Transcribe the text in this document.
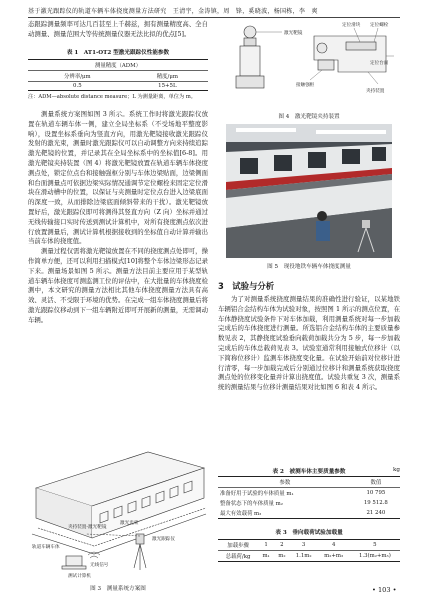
基于激光跟踪仪的轨道车辆车体挠度测量方法研究　王清宇，金涛镇，周　锋，奚晓波，杨国栋，李　爽

态跟踪测量频率可达几百甚至上千赫兹，拥有测量精度高、全自动测量、测量范围大等传统测量仪器无法比拟的优点[5]。

表 1　AT1-OT2 型激光跟踪仪性能参数
测量精度（ADM）	
分辨率/μm	精度/μm
0.5	15+5L
注：ADM—absolute distance measure；L 为测量距离，单位为 m。

测量系统方案图如图 3 所示。系统工作时将激光跟踪仪放置在轨道车辆车体一侧，建立全局坐标系（不受场地平整度影响），设置坐标系垂向为竖直方向，用激光靶镜接收激光跟踪仪发射的激光束，测量时激光跟踪仪可以自动调整方向来持续追踪激光靶镜的位置，并记录其在全局坐标系中的坐标值[6-8]。用激光靶镜夹持装置（图 4）将激光靶镜放置在轨道车辆车体挠度测点处，锁定位点台和接触强枢分别与车体边梁贴面，边梁侧面和台面测量点可依据边梁实际情况通调节定位螺栓来固定定位滑块在滑动槽中的位置，以保证与夹测量时定位点台进入边梁底面的深度一致，从而排除边梁底面倾斜带来的干扰）。激光靶镜放置好后，激光跟踪仪即可将测得其竖直方向（Z 向）坐标并通过无线传输接口实时传送到测试计算机中，对所有挠度测点依次进行放置测量后，测试计算机根据接收到的坐标值自动计算并输出当前车体的挠度值。

测量过程仅需将激光靶镜放置在不同的挠度测点处即可，操作简单方便，还可以利用扫描模式[10]将整个车体边梁形态记录下来。测量场景如图 5 所示。测量方法目前主要应用于某型轨道车辆车体挠度可测监测工位的评估中，在大批量的车体挠度检测中，本文研究的测量方法相比其他车体挠度测量方法具有高效、灵活、不受限于环境的优势。在完成一组车体挠度测量后将激光跟踪仪移动到下一组车辆附近即可开展新的测量，无需调动车辆。

轨道车辆车体
激光跟踪仪
激光光束
夹持装置-激光靶镜
无线信号
测试计算机
图 3　测量系统方案图
激光靶镜
定位滑块 定位螺栓
定位台面
接触强枢
夹持装置
图 4　激光靶镜夹持装置
图 5　现役地铁车辆车体挠度测量
3　试验与分析

为了对测量系统挠度测量结果的准确性进行验证，以某地铁车辆铝合金结构车体为试验对象，按照图 1 所示的测点位置，在车体静挠度试验条件下对车体加载，利用测量系统对每一步加载完成后的车体挠度进行测量。所选铝合金结构车体的主要质量参数见表 2，其静挠度试验垂向载荷加载共分为 5 步，每一步加载完成后的车体总载荷见表 3。试验室通常利用接触式位移计（以下简称位移计）监测车体挠度变化量。在试验开始前对位移计进行清零，每一步加载完成后分别通过位移计和测量系统获取挠度测点处的位移变化量并计算出挠度值。试验共重复 3 次，测量系统的测量结果与位移计测量结果对比如图 6 和表 4 所示。

表 2　被测车体主要质量参数	kg
参数	数值
准备好用于试验的车体质量 m₁	10 795
整备状态下的车体质量 m₂	19 512.8
最大有效载荷 m₃	21 240
表 3　垂向载荷试验加载量
加载步骤	1	2	3	4	5
总载荷/kg	m₁	m₂	1.1m₂	m₂+m₃	1.3(m₂+m₃)
• 103 •
